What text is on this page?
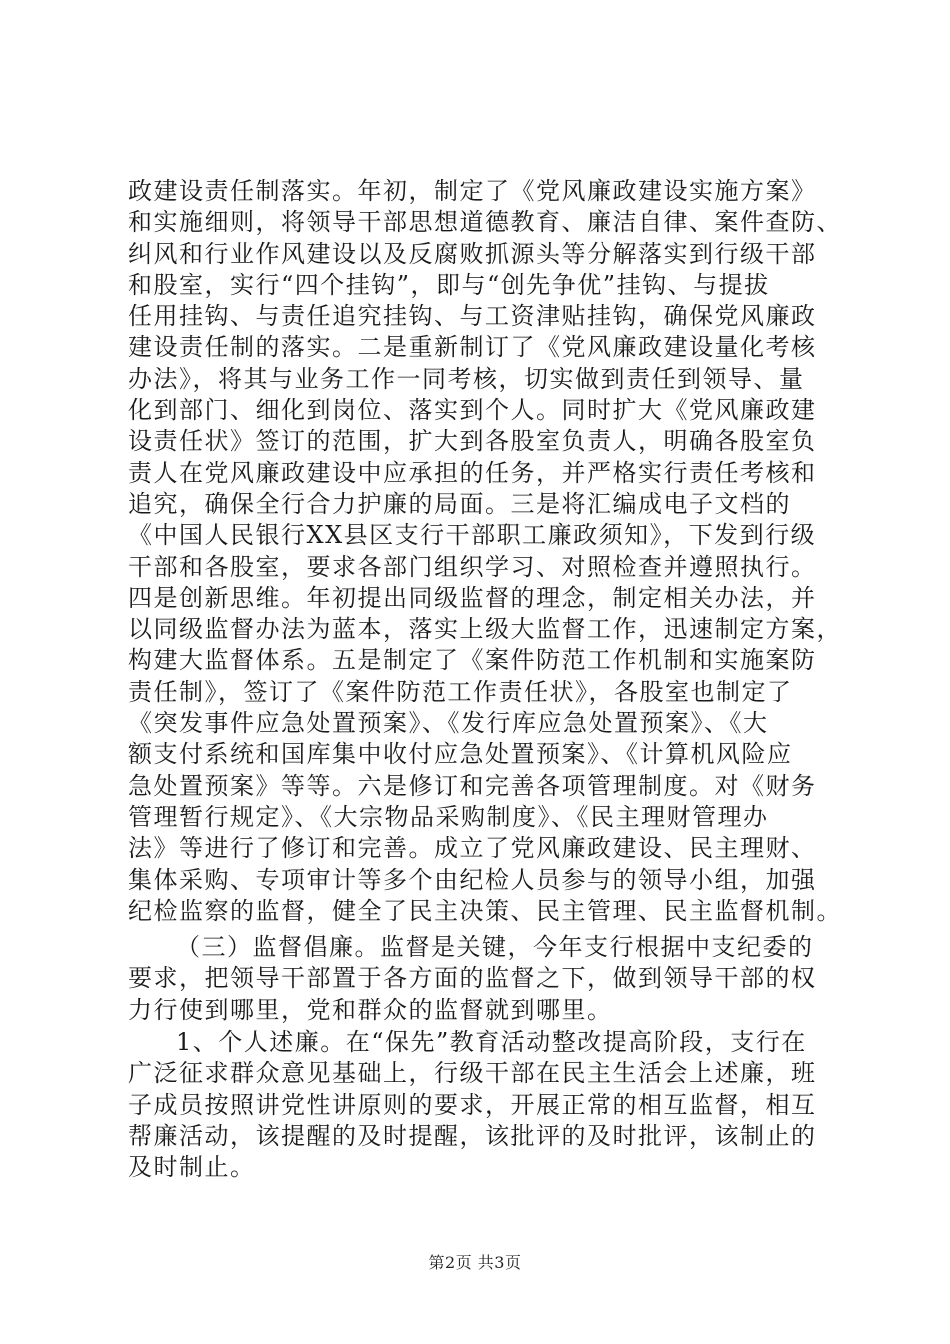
政建设责任制落实。年初，制定了《党风廉政建设实施方案》
和实施细则，将领导干部思想道德教育、廉洁自律、案件查防、
纠风和行业作风建设以及反腐败抓源头等分解落实到行级干部
和股室，实行“四个挂钩”，即与“创先争优”挂钩、与提拔
任用挂钩、与责任追究挂钩、与工资津贴挂钩，确保党风廉政
建设责任制的落实。二是重新制订了《党风廉政建设量化考核
办法》，将其与业务工作一同考核，切实做到责任到领导、量
化到部门、细化到岗位、落实到个人。同时扩大《党风廉政建
设责任状》签订的范围，扩大到各股室负责人，明确各股室负
责人在党风廉政建设中应承担的任务，并严格实行责任考核和
追究，确保全行合力护廉的局面。三是将汇编成电子文档的
《中国人民银行XX县区支行干部职工廉政须知》，下发到行级
干部和各股室，要求各部门组织学习、对照检查并遵照执行。
四是创新思维。年初提出同级监督的理念，制定相关办法，并
以同级监督办法为蓝本，落实上级大监督工作，迅速制定方案，
构建大监督体系。五是制定了《案件防范工作机制和实施案防
责任制》，签订了《案件防范工作责任状》，各股室也制定了
《突发事件应急处置预案》、《发行库应急处置预案》、《大
额支付系统和国库集中收付应急处置预案》、《计算机风险应
急处置预案》等等。六是修订和完善各项管理制度。对《财务
管理暂行规定》、《大宗物品采购制度》、《民主理财管理办
法》等进行了修订和完善。成立了党风廉政建设、民主理财、
集体采购、专项审计等多个由纪检人员参与的领导小组，加强
纪检监察的监督，健全了民主决策、民主管理、民主监督机制。
（三）监督倡廉。监督是关键，今年支行根据中支纪委的
要求，把领导干部置于各方面的监督之下，做到领导干部的权
力行使到哪里，党和群众的监督就到哪里。
1、个人述廉。在“保先”教育活动整改提高阶段，支行在
广泛征求群众意见基础上，行级干部在民主生活会上述廉，班
子成员按照讲党性讲原则的要求，开展正常的相互监督，相互
帮廉活动，该提醒的及时提醒，该批评的及时批评，该制止的
及时制止。
第2页 共3页
